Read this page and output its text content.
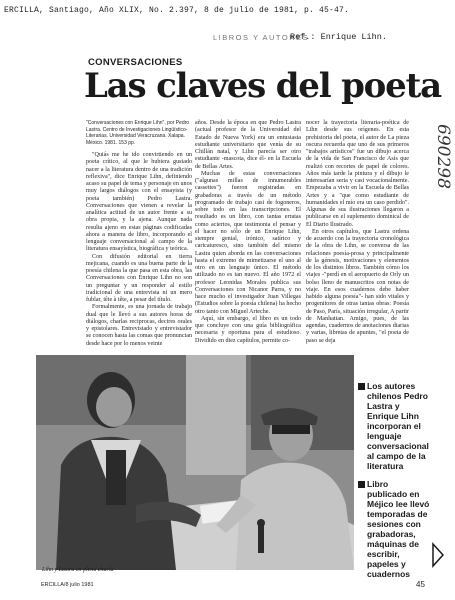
ERCILLA, Santiago, Año XLIX, No. 2.397, 8 de julio de 1981, p. 45-47.
LIBROS Y AUTORES
Ref.: Enrique Lihn.
CONVERSACIONES
Las claves del poeta

"Conversaciones con Enrique Lihn", por Pedro Lastra. Centro de Investigaciones Lingüístico-Literarias. Universidad Veracruzana. Xalapa. México. 1981. 153 pp.

"Quiás me he ido convirtiendo en un poeta crítico, al que le hubiera gustado nacer a la literatura dentro de una tradición reflexiva", dice Enrique Lihn, definiendo acaso su papel de tema y personaje en unos muy largos diálogos con el ensayista (y poeta también) Pedro Lastra. Conversaciones que vienen a revelar la analítica actitud de un autor frente a su obra propia, y la ajena. Aunque nada resulta ajeno en estas páginas codificadas ahora a manera de libro, incorporando el lenguaje conversacional al campo de la literatura ensayística, biográfica y teórica.

Con difusión editorial en tierra mejicana, cuando es una buena parte de la poesía chilena la que pasa en esta obra, las Conversaciones con Enrique Lihn no son un preguntar y un responder al estilo tradicional de una entrevista ni un mero fublar, tête à tête, a pesar del título.

Formalmente, es una jornada de trabajo dual que le llevó a sus autores horas de diálogos, charlas reciprocas, decires orales y epistolares. Entrevistado y entrevistador se conocen hasta las comas que pronuncian desde hace por lo menos veinte

años. Desde la época en que Pedro Lastra (actual profesor de la Universidad del Estado de Nueva York) era un entusiasta estudiante universitario que venía de su Chillán natal, y Lihn parecía ser otro estudiante -mascota, dice él- en la Escuela de Bellas Artes.

Muchas de estas conversaciones ("algunas millas de innumerables cassettes") fueron registradas en grabadoras a través de un método programado de trabajo casi de fogoneros, sobre todo en las transcripciones. El resultado es un libro, con tantas erratas como aciertos, que testimonia el pensar y el hacer no sólo de un Enrique Lihn, siempre genial, irónico, satírico y caricaturesco, sino también del mismo Lastra quien aborda en las conversaciones hasta el extremo de mimetizarse el uno al otro en un lenguaje único. El método utilizado no es tan nuevo. El año 1972 el profesor Leonidas Morales publica sus Conversaciones con Nicanor Parra, y no hace mucho el investigador Juan Villegas (Estudios sobre la poesía chilena) ha hecho otro tanto con Miguel Arteche.

Aquí, sin embargo, el libro es un todo que concluye con una guía bibliográfica necesaria y oportuna para el estudioso. Dividido en diez capítulos, permite co-

nocer la trayectoria literaria-poética de Lihn desde sus orígenes. En esta prehistoria del poeta, el autor de La pieza oscura recuerda que uno de sus primeros "trabajos artísticos" fue un dibujo acerca de la vida de San Francisco de Asís que realizó con recortes de papel de colores. Años más tarde la pintura y el dibujo le interesarían seria y casi vocacionalmente. Empezaba a vivir en la Escuela de Bellas Artes y a "que como estudiante de humanidades el mío era un caso perdido". Algunas de sus ilustraciones llegaron a publicarse en el suplemento dominical de El Diario Ilustrado.

En otros capítulos, que Lastra ordena de acuerdo con la trayectoria cronológica de la obra de Lihn, se conversa de las relaciones poesía-prosa y principalmente de la génesis, motivaciones y elementos de los distintos libros. También cómo los viajes -"perdí en el aeropuerto de Orly un bolso lleno de manuscritos con notas de viaje. En esos cuadernos debe haber habido alguna poesía"- han sido vitales y progenitores de otras tantas obras: Poesía de Paso, París, situación irregular, A partir de Manhattan. Amigo, pues, de las agendas, cuadernos de anotaciones diarias y varias, libretas de apuntes, "el poeta de paso se deja

Lihn y Lastra en plena charla
Los autores chilenos Pedro Lastra y Enrique Lihn incorporan el lenguaje conversacional al campo de la literatura
Libro publicado en Méjico lee llevó temporadas de sesiones con grabadoras, máquinas de escribir, papeles y cuadernos
690298
ERCILLA/8 julio 1981	45
